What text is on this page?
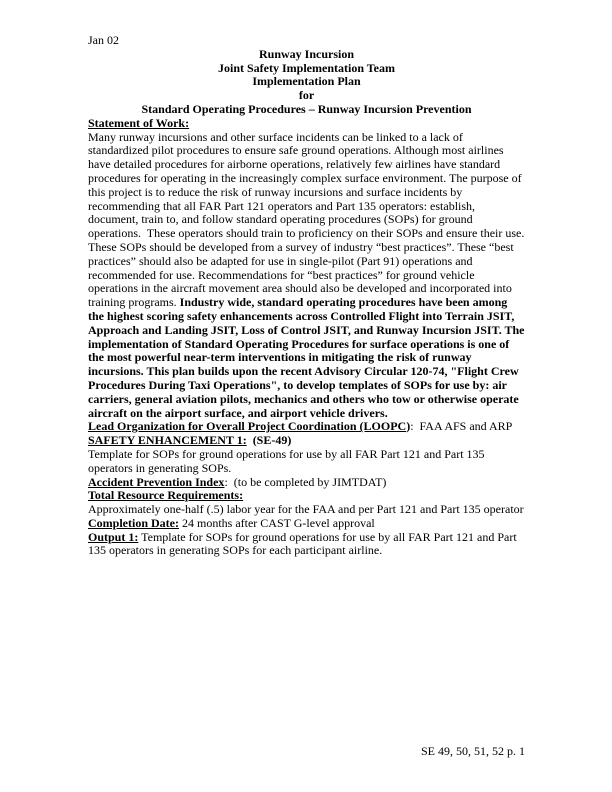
Jan 02
Runway Incursion
Joint Safety Implementation Team
Implementation Plan
for
Standard Operating Procedures – Runway Incursion Prevention
Statement of Work:

Many runway incursions and other surface incidents can be linked to a lack of standardized pilot procedures to ensure safe ground operations. Although most airlines have detailed procedures for airborne operations, relatively few airlines have standard procedures for operating in the increasingly complex surface environment. The purpose of this project is to reduce the risk of runway incursions and surface incidents by recommending that all FAR Part 121 operators and Part 135 operators: establish, document, train to, and follow standard operating procedures (SOPs) for ground operations.  These operators should train to proficiency on their SOPs and ensure their use.  These SOPs should be developed from a survey of industry “best practices”. These “best practices” should also be adapted for use in single-pilot (Part 91) operations and recommended for use. Recommendations for “best practices” for ground vehicle operations in the aircraft movement area should also be developed and incorporated into training programs. Industry wide, standard operating procedures have been among the highest scoring safety enhancements across Controlled Flight into Terrain JSIT, Approach and Landing JSIT, Loss of Control JSIT, and Runway Incursion JSIT. The implementation of Standard Operating Procedures for surface operations is one of the most powerful near-term interventions in mitigating the risk of runway incursions. This plan builds upon the recent Advisory Circular 120-74, "Flight Crew Procedures During Taxi Operations", to develop templates of SOPs for use by: air carriers, general aviation pilots, mechanics and others who tow or otherwise operate aircraft on the airport surface, and airport vehicle drivers.

Lead Organization for Overall Project Coordination (LOOPC):  FAA AFS and ARP

SAFETY ENHANCEMENT 1:  (SE-49)

Template for SOPs for ground operations for use by all FAR Part 121 and Part 135 operators in generating SOPs.

Accident Prevention Index:  (to be completed by JIMTDAT)

Total Resource Requirements:

Approximately one-half (.5) labor year for the FAA and per Part 121 and Part 135 operator

Completion Date: 24 months after CAST G-level approval

Output 1: Template for SOPs for ground operations for use by all FAR Part 121 and Part 135 operators in generating SOPs for each participant airline.

SE 49, 50, 51, 52 p. 1
